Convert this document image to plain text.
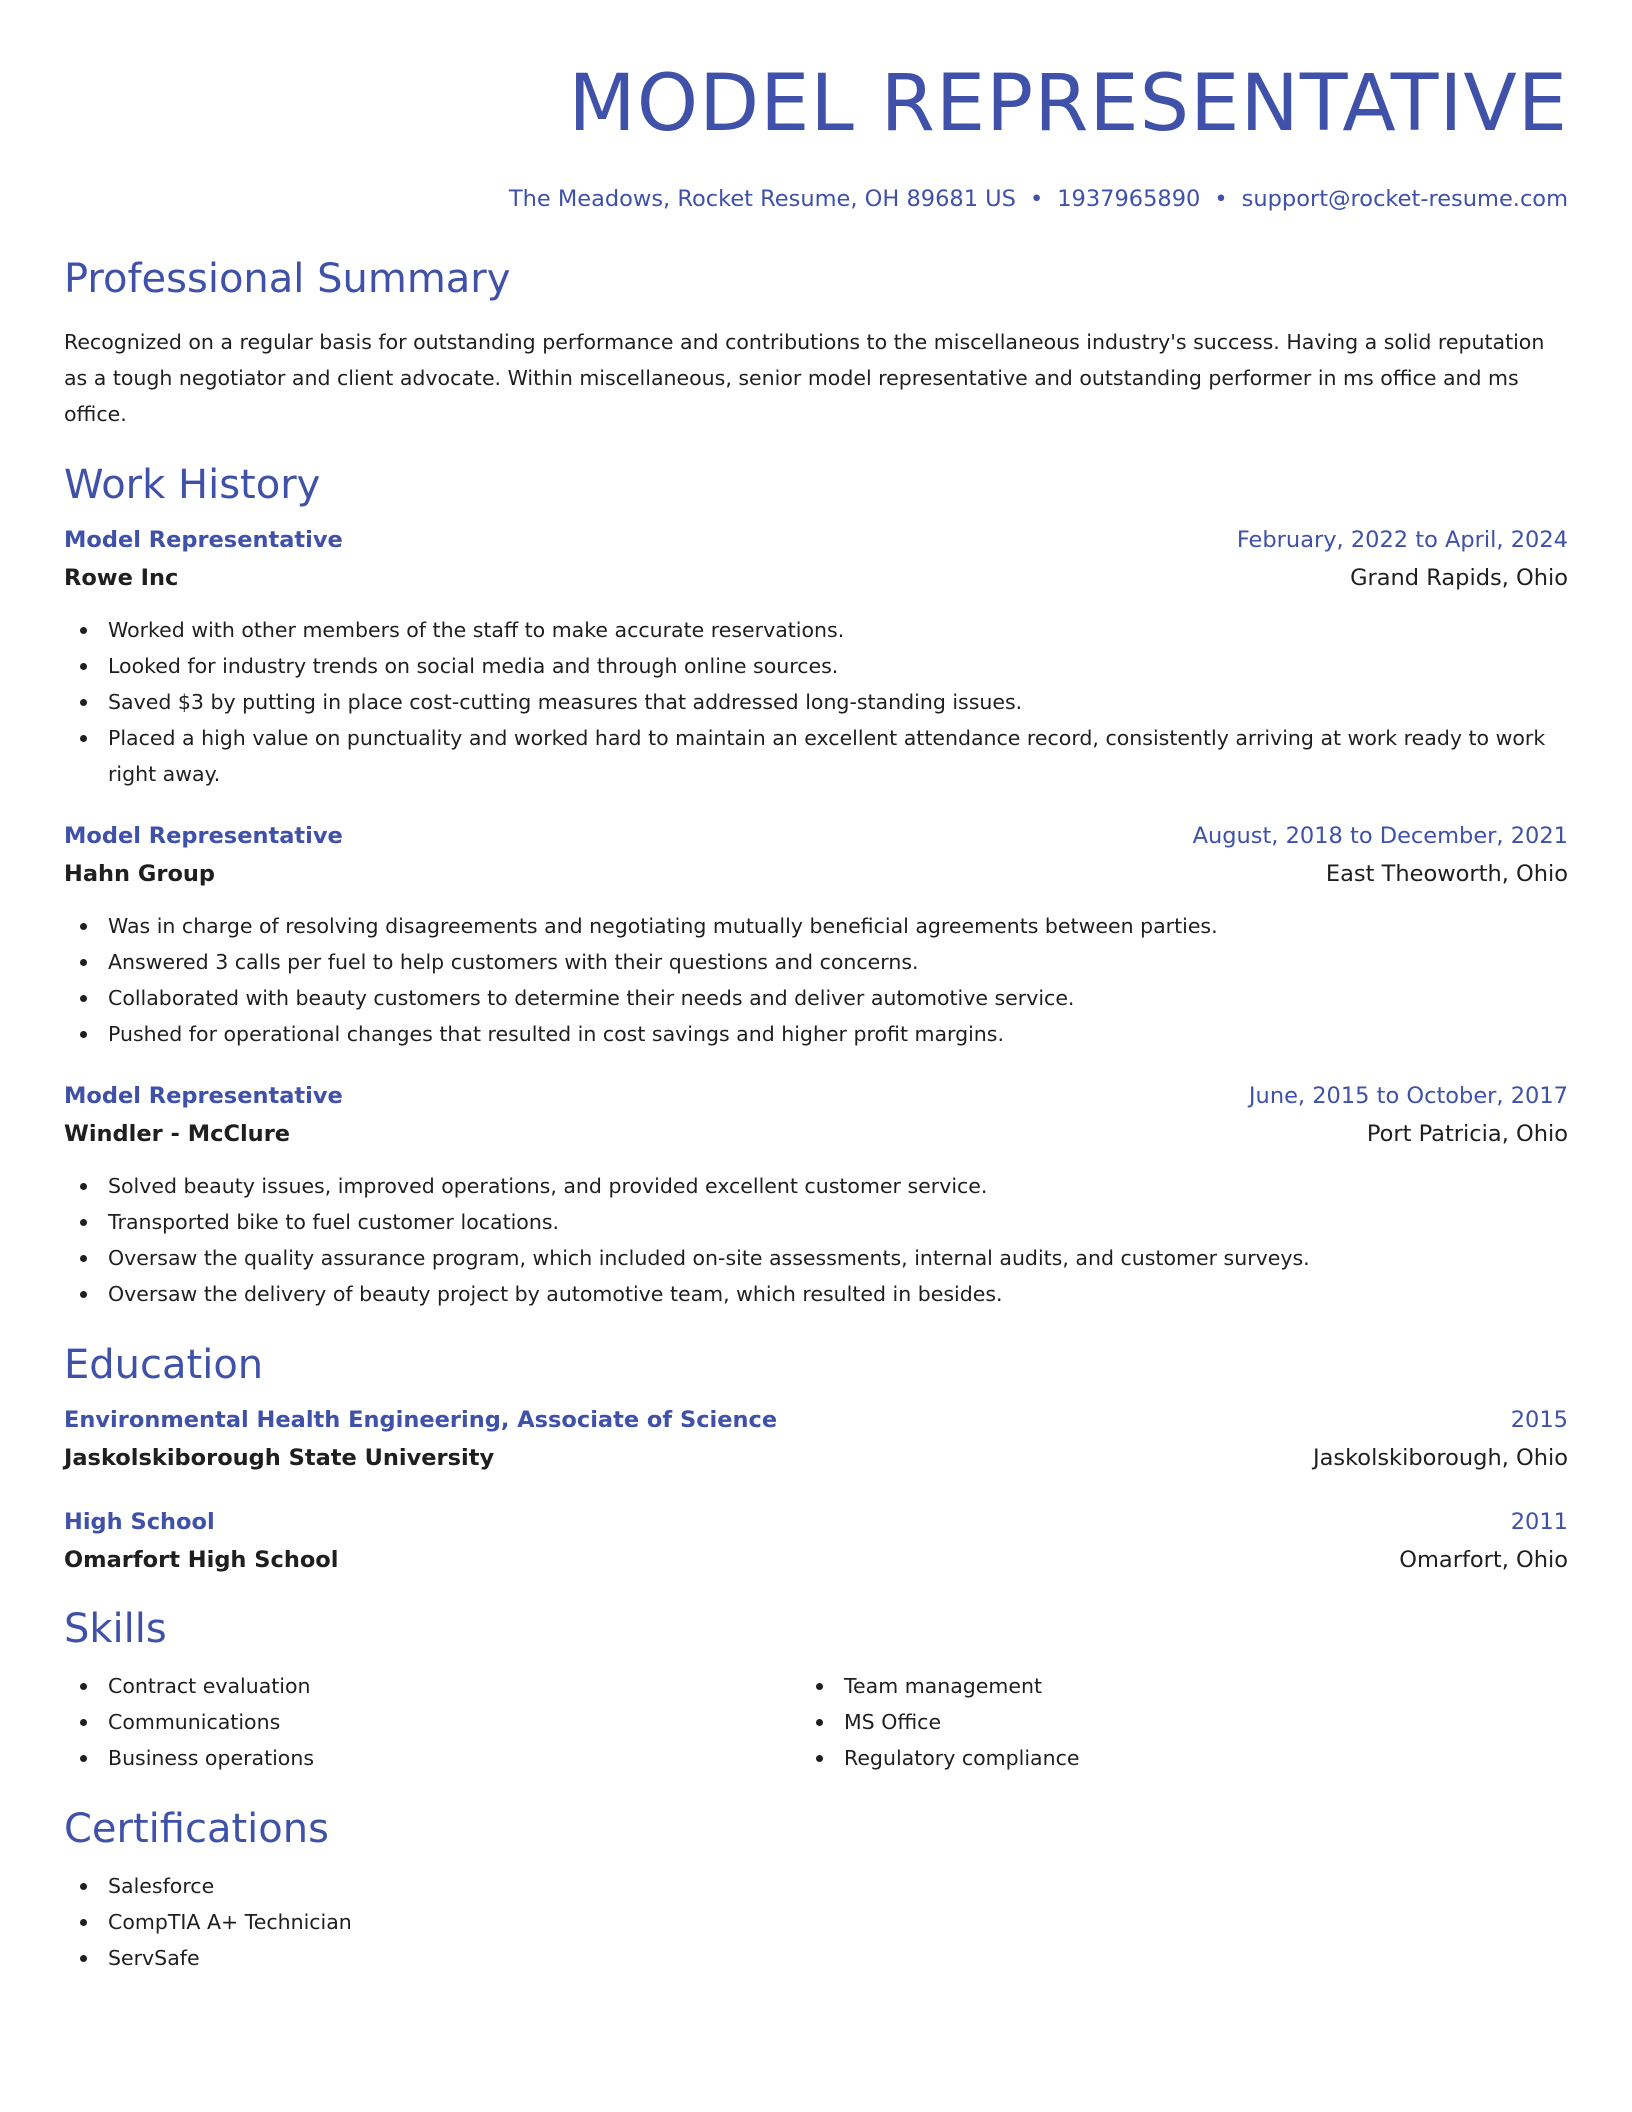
MODEL REPRESENTATIVE
The Meadows, Rocket Resume, OH 89681 US • 1937965890 • support@rocket-resume.com
Professional Summary

Recognized on a regular basis for outstanding performance and contributions to the miscellaneous industry's success. Having a solid reputation as a tough negotiator and client advocate. Within miscellaneous, senior model representative and outstanding performer in ms office and ms office.

Work History
Model Representative	February, 2022 to April, 2024
Rowe Inc	Grand Rapids, Ohio
Worked with other members of the staff to make accurate reservations.
Looked for industry trends on social media and through online sources.
Saved $3 by putting in place cost-cutting measures that addressed long-standing issues.
Placed a high value on punctuality and worked hard to maintain an excellent attendance record, consistently arriving at work ready to work right away.
Model Representative	August, 2018 to December, 2021
Hahn Group	East Theoworth, Ohio
Was in charge of resolving disagreements and negotiating mutually beneficial agreements between parties.
Answered 3 calls per fuel to help customers with their questions and concerns.
Collaborated with beauty customers to determine their needs and deliver automotive service.
Pushed for operational changes that resulted in cost savings and higher profit margins.
Model Representative	June, 2015 to October, 2017
Windler - McClure	Port Patricia, Ohio
Solved beauty issues, improved operations, and provided excellent customer service.
Transported bike to fuel customer locations.
Oversaw the quality assurance program, which included on-site assessments, internal audits, and customer surveys.
Oversaw the delivery of beauty project by automotive team, which resulted in besides.
Education
Environmental Health Engineering, Associate of Science	2015
Jaskolskiborough State University	Jaskolskiborough, Ohio
High School	2011
Omarfort High School	Omarfort, Ohio
Skills
Contract evaluation
Communications
Business operations
Team management
MS Office
Regulatory compliance
Certifications
Salesforce
CompTIA A+ Technician
ServSafe
